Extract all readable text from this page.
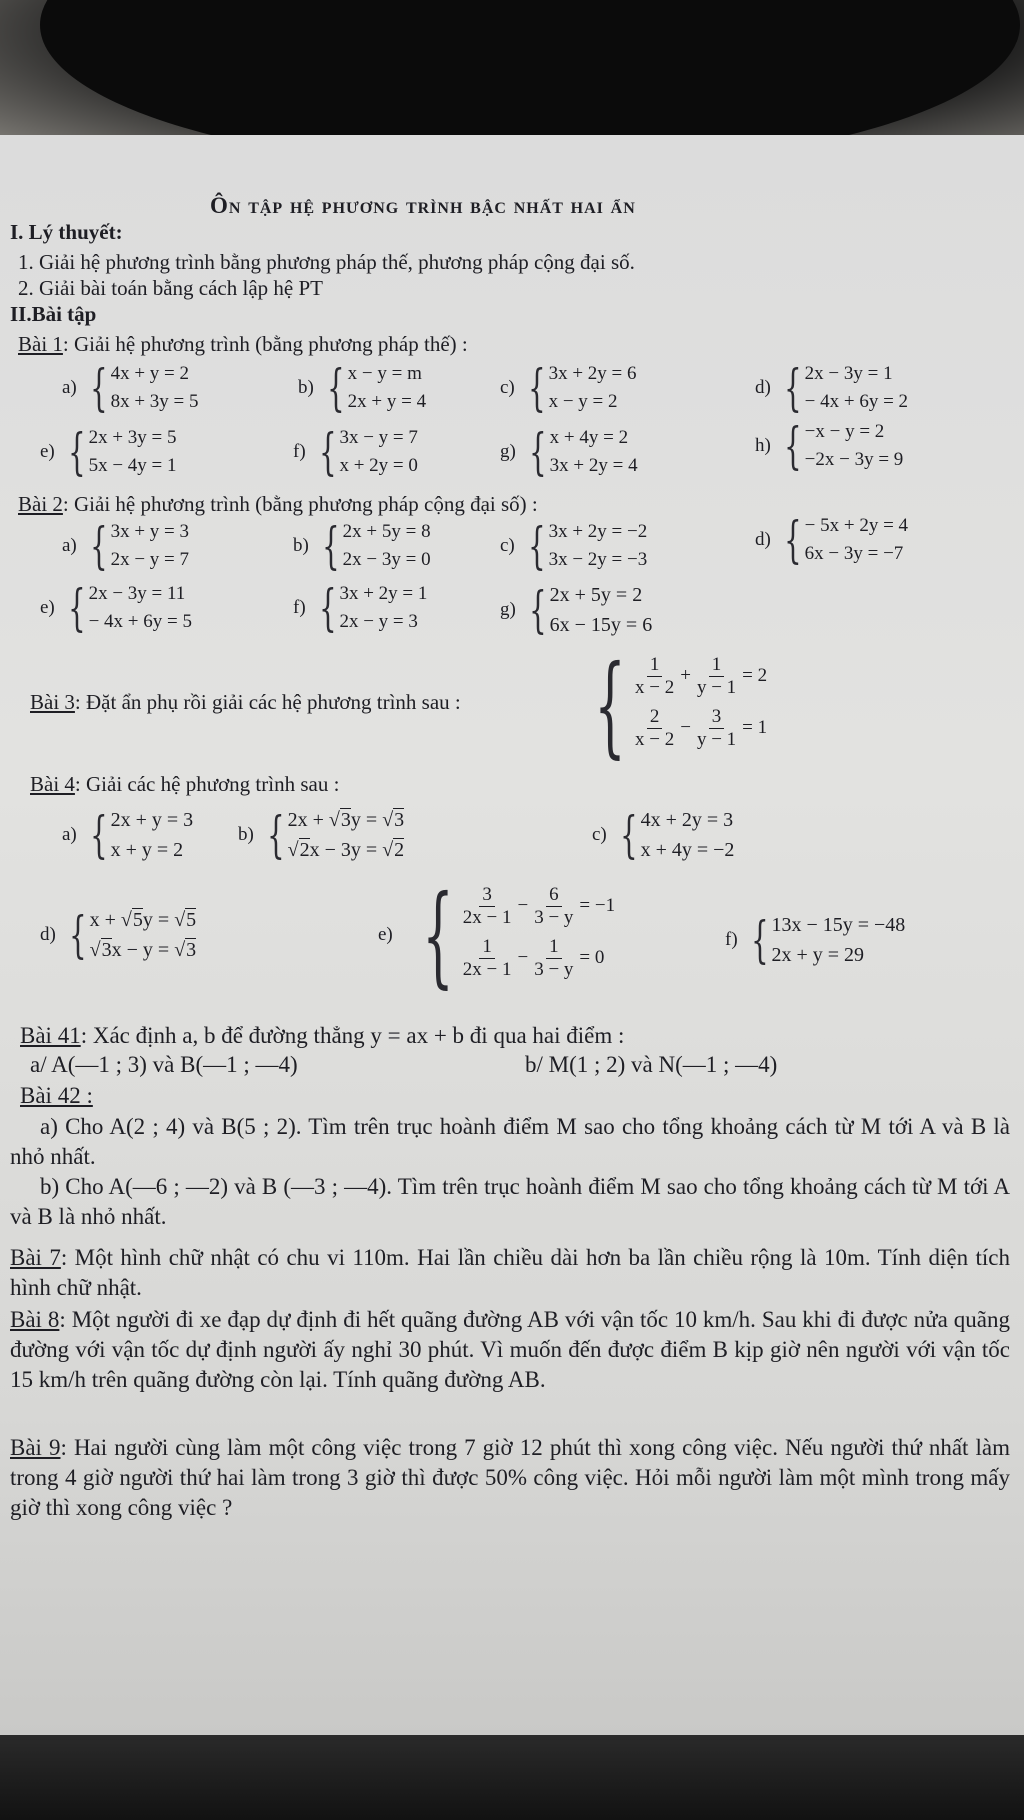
Ôn tập hệ phương trình bậc nhất hai ẩn
I. Lý thuyết:
1. Giải hệ phương trình bằng phương pháp thế, phương pháp cộng đại số.
2. Giải bài toán bằng cách lập hệ PT
II.Bài tập
Bài 1: Giải hệ phương trình (bằng phương pháp thế) :
a) { 4x + y = 2
8x + 3y = 5
b) { x − y = m
2x + y = 4
c) { 3x + 2y = 6
x − y = 2
d) { 2x − 3y = 1
− 4x + 6y = 2
e) { 2x + 3y = 5
5x − 4y = 1
f) { 3x − y = 7
x + 2y = 0
g) { x + 4y = 2
3x + 2y = 4
h) { −x − y = 2
−2x − 3y = 9
Bài 2: Giải hệ phương trình (bằng phương pháp cộng đại số) :
a) { 3x + y = 3
2x − y = 7
b) { 2x + 5y = 8
2x − 3y = 0
c) { 3x + 2y = −2
3x − 2y = −3
d) { − 5x + 2y = 4
6x − 3y = −7
e) { 2x − 3y = 11
− 4x + 6y = 5
f) { 3x + 2y = 1
2x − y = 3
g) { 2x + 5y = 2
6x − 15y = 6
Bài 3: Đặt ẩn phụ rồi giải các hệ phương trình sau : { $\frac{1}{x - 2} + \frac{1}{y - 1} = 2$
$\frac{2}{x - 2} - \frac{3}{y - 1} = 1$
Bài 4: Giải các hệ phương trình sau :
a) { 2x + y = 3
x + y = 2
b) { 2x + √3y = √3
√2x − 3y = √2
c) { 4x + 2y = 3
x + 4y = −2
d) { x + √5y = √5
√3x − y = √3
e) { $\frac{3}{2x - 1} - \frac{6}{3 - y} = -1$
$\frac{1}{2x - 1} - \frac{1}{3 - y} = 0$
f) { 13x − 15y = −48
2x + y = 29
Bài 41: Xác định a, b để đường thẳng y = ax + b đi qua hai điểm :
a/ A(—1 ; 3) và B(—1 ; —4)	b/ M(1 ; 2) và N(—1 ; —4)
Bài 42 :
a) Cho A(2 ; 4) và B(5 ; 2). Tìm trên trục hoành điểm M sao cho tổng khoảng cách từ M tới A và B là nhỏ nhất.
b) Cho A(—6 ; —2) và B (—3 ; —4). Tìm trên trục hoành điểm M sao cho tổng khoảng cách từ M tới A và B là nhỏ nhất.
Bài 7: Một hình chữ nhật có chu vi 110m. Hai lần chiều dài hơn ba lần chiều rộng là 10m. Tính diện tích hình chữ nhật.
Bài 8: Một người đi xe đạp dự định đi hết quãng đường AB với vận tốc 10 km/h. Sau khi đi được nửa quãng đường với vận tốc dự định người ấy nghỉ 30 phút. Vì muốn đến được điểm B kịp giờ nên người với vận tốc 15 km/h trên quãng đường còn lại. Tính quãng đường AB.
Bài 9: Hai người cùng làm một công việc trong 7 giờ 12 phút thì xong công việc. Nếu người thứ nhất làm trong 4 giờ người thứ hai làm trong 3 giờ thì được 50% công việc. Hỏi mỗi người làm một mình trong mấy giờ thì xong công việc ?
